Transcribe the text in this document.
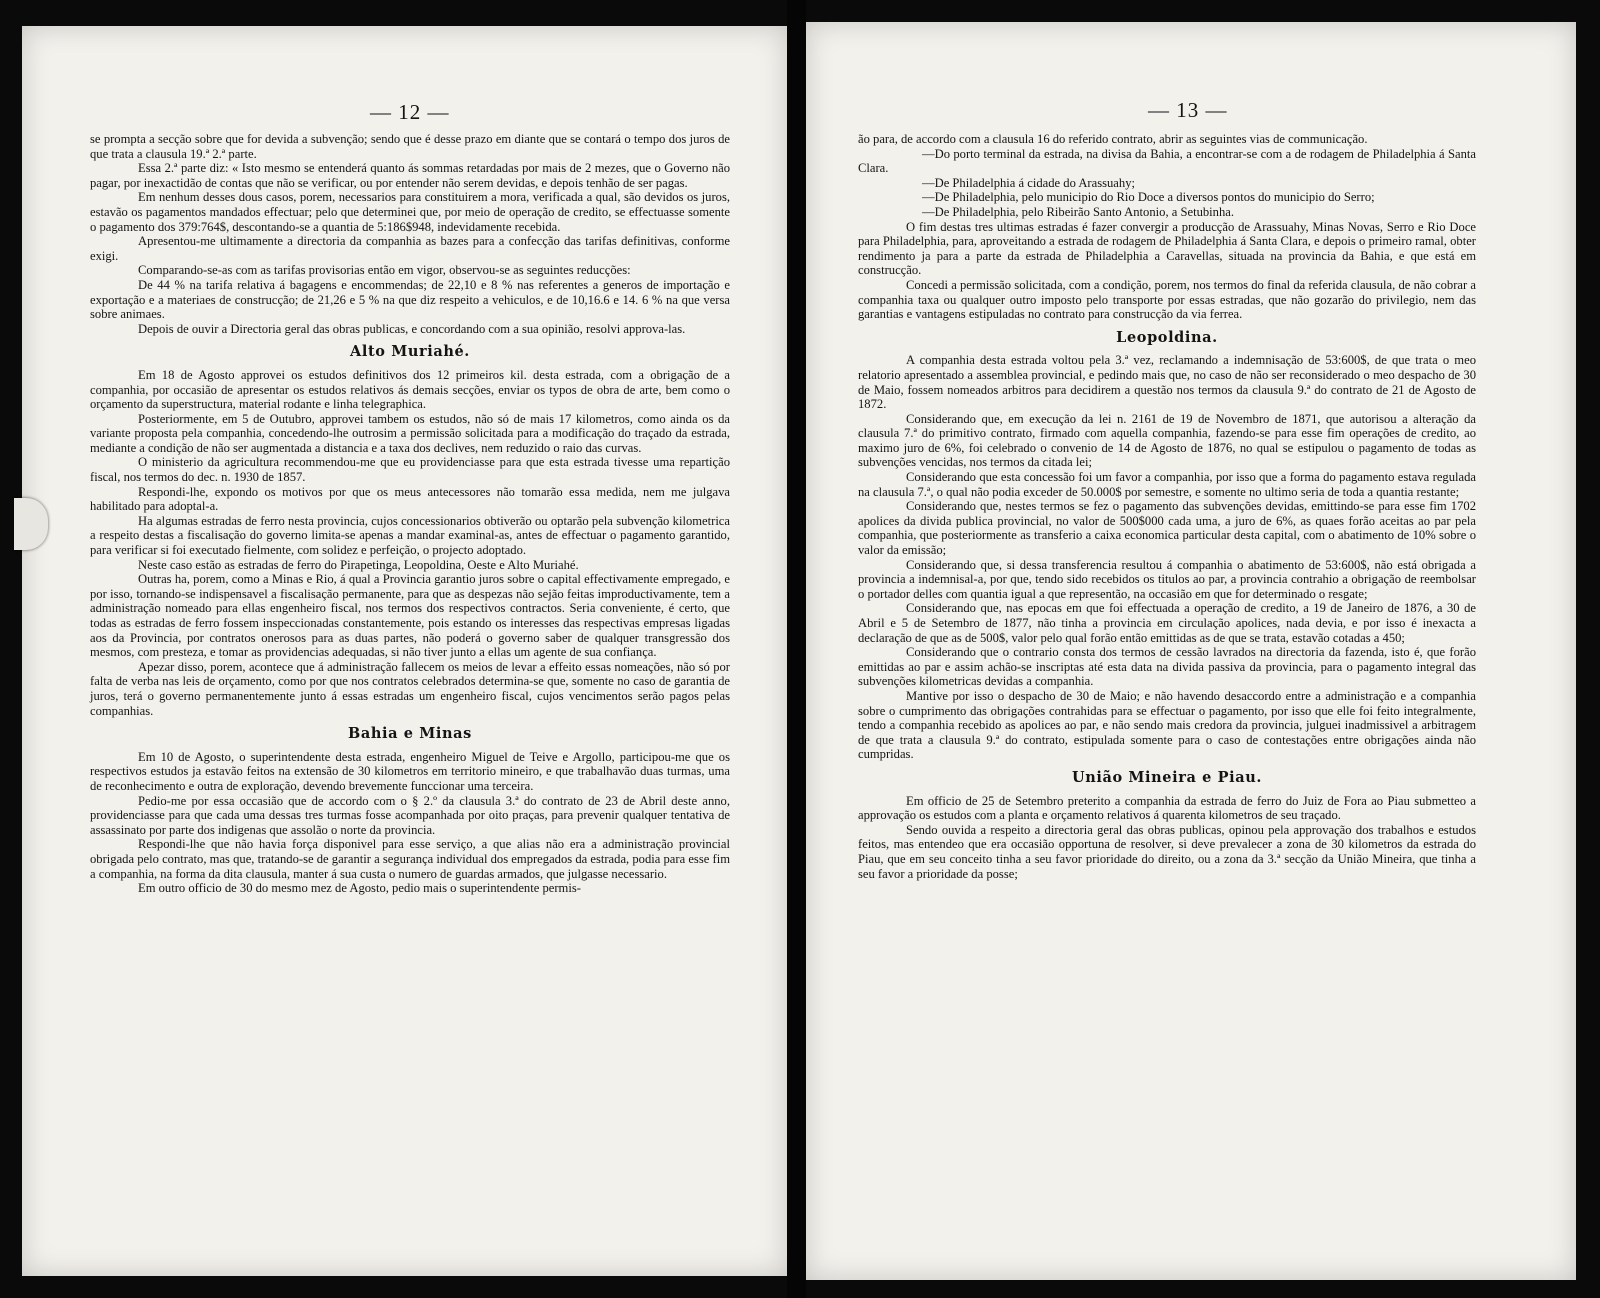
— 12 —

se prompta a secção sobre que for devida a subvenção; sendo que é desse prazo em diante que se contará o tempo dos juros de que trata a clausula 19.ª 2.ª parte.

Essa 2.ª parte diz: « Isto mesmo se entenderá quanto ás sommas retardadas por mais de 2 mezes, que o Governo não pagar, por inexactidão de contas que não se verificar, ou por entender não serem devidas, e depois tenhão de ser pagas.

Em nenhum desses dous casos, porem, necessarios para constituirem a mora, verificada a qual, são devidos os juros, estavão os pagamentos mandados effectuar; pelo que determinei que, por meio de operação de credito, se effectuasse somente o pagamento dos 379:764$, descontando-se a quantia de 5:186$948, indevidamente recebida.

Apresentou-me ultimamente a directoria da companhia as bazes para a confecção das tarifas definitivas, conforme exigi.

Comparando-se-as com as tarifas provisorias então em vigor, observou-se as seguintes reducções:

De 44 % na tarifa relativa á bagagens e encommendas; de 22,10 e 8 % nas referentes a generos de importação e exportação e a materiaes de construcção; de 21,26 e 5 % na que diz respeito a vehiculos, e de 10,16.6 e 14. 6 % na que versa sobre animaes.

Depois de ouvir a Directoria geral das obras publicas, e concordando com a sua opinião, resolvi approva-las.

Alto Muriahé.

Em 18 de Agosto approvei os estudos definitivos dos 12 primeiros kil. desta estrada, com a obrigação de a companhia, por occasião de apresentar os estudos relativos ás demais secções, enviar os typos de obra de arte, bem como o orçamento da superstructura, material rodante e linha telegraphica.

Posteriormente, em 5 de Outubro, approvei tambem os estudos, não só de mais 17 kilometros, como ainda os da variante proposta pela companhia, concedendo-lhe outrosim a permissão solicitada para a modificação do traçado da estrada, mediante a condição de não ser augmentada a distancia e a taxa dos declives, nem reduzido o raio das curvas.

O ministerio da agricultura recommendou-me que eu providenciasse para que esta estrada tivesse uma repartição fiscal, nos termos do dec. n. 1930 de 1857.

Respondi-lhe, expondo os motivos por que os meus antecessores não tomarão essa medida, nem me julgava habilitado para adoptal-a.

Ha algumas estradas de ferro nesta provincia, cujos concessionarios obtiverão ou optarão pela subvenção kilometrica a respeito destas a fiscalisação do governo limita-se apenas a mandar examinal-as, antes de effectuar o pagamento garantido, para verificar si foi executado fielmente, com solidez e perfeição, o projecto adoptado.

Neste caso estão as estradas de ferro do Pirapetinga, Leopoldina, Oeste e Alto Muriahé.

Outras ha, porem, como a Minas e Rio, á qual a Provincia garantio juros sobre o capital effectivamente empregado, e por isso, tornando-se indispensavel a fiscalisação permanente, para que as despezas não sejão feitas improductivamente, tem a administração nomeado para ellas engenheiro fiscal, nos termos dos respectivos contractos. Seria conveniente, é certo, que todas as estradas de ferro fossem inspeccionadas constantemente, pois estando os interesses das respectivas empresas ligadas aos da Provincia, por contratos onerosos para as duas partes, não poderá o governo saber de qualquer transgressão dos mesmos, com presteza, e tomar as providencias adequadas, si não tiver junto a ellas um agente de sua confiança.

Apezar disso, porem, acontece que á administração fallecem os meios de levar a effeito essas nomeações, não só por falta de verba nas leis de orçamento, como por que nos contratos celebrados determina-se que, somente no caso de garantia de juros, terá o governo permanentemente junto á essas estradas um engenheiro fiscal, cujos vencimentos serão pagos pelas companhias.

Bahia e Minas

Em 10 de Agosto, o superintendente desta estrada, engenheiro Miguel de Teive e Argollo, participou-me que os respectivos estudos ja estavão feitos na extensão de 30 kilometros em territorio mineiro, e que trabalhavão duas turmas, uma de reconhecimento e outra de exploração, devendo brevemente funccionar uma terceira.

Pedio-me por essa occasião que de accordo com o § 2.º da clausula 3.ª do contrato de 23 de Abril deste anno, providenciasse para que cada uma dessas tres turmas fosse acompanhada por oito praças, para prevenir qualquer tentativa de assassinato por parte dos indigenas que assolão o norte da provincia.

Respondi-lhe que não havia força disponivel para esse serviço, a que alias não era a administração provincial obrigada pelo contrato, mas que, tratando-se de garantir a segurança individual dos empregados da estrada, podia para esse fim a companhia, na forma da dita clausula, manter á sua custa o numero de guardas armados, que julgasse necessario.

Em outro officio de 30 do mesmo mez de Agosto, pedio mais o superintendente permis-

— 13 —

ão para, de accordo com a clausula 16 do referido contrato, abrir as seguintes vias de communicação.

—Do porto terminal da estrada, na divisa da Bahia, a encontrar-se com a de rodagem de Philadelphia á Santa Clara.

—De Philadelphia á cidade do Arassuahy;

—De Philadelphia, pelo municipio do Rio Doce a diversos pontos do municipio do Serro;

—De Philadelphia, pelo Ribeirão Santo Antonio, a Setubinha.

O fim destas tres ultimas estradas é fazer convergir a producção de Arassuahy, Minas Novas, Serro e Rio Doce para Philadelphia, para, aproveitando a estrada de rodagem de Philadelphia á Santa Clara, e depois o primeiro ramal, obter rendimento ja para a parte da estrada de Philadelphia a Caravellas, situada na provincia da Bahia, e que está em construcção.

Concedi a permissão solicitada, com a condição, porem, nos termos do final da referida clausula, de não cobrar a companhia taxa ou qualquer outro imposto pelo transporte por essas estradas, que não gozarão do privilegio, nem das garantias e vantagens estipuladas no contrato para construcção da via ferrea.

Leopoldina.

A companhia desta estrada voltou pela 3.ª vez, reclamando a indemnisação de 53:600$, de que trata o meo relatorio apresentado a assemblea provincial, e pedindo mais que, no caso de não ser reconsiderado o meo despacho de 30 de Maio, fossem nomeados arbitros para decidirem a questão nos termos da clausula 9.ª do contrato de 21 de Agosto de 1872.

Considerando que, em execução da lei n. 2161 de 19 de Novembro de 1871, que autorisou a alteração da clausula 7.ª do primitivo contrato, firmado com aquella companhia, fazendo-se para esse fim operações de credito, ao maximo juro de 6%, foi celebrado o convenio de 14 de Agosto de 1876, no qual se estipulou o pagamento de todas as subvenções vencidas, nos termos da citada lei;

Considerando que esta concessão foi um favor a companhia, por isso que a forma do pagamento estava regulada na clausula 7.ª, o qual não podia exceder de 50.000$ por semestre, e somente no ultimo seria de toda a quantia restante;

Considerando que, nestes termos se fez o pagamento das subvenções devidas, emittindo-se para esse fim 1702 apolices da divida publica provincial, no valor de 500$000 cada uma, a juro de 6%, as quaes forão aceitas ao par pela companhia, que posteriormente as transferio a caixa economica particular desta capital, com o abatimento de 10% sobre o valor da emissão;

Considerando que, si dessa transferencia resultou á companhia o abatimento de 53:600$, não está obrigada a provincia a indemnisal-a, por que, tendo sido recebidos os titulos ao par, a provincia contrahio a obrigação de reembolsar o portador delles com quantia igual a que representão, na occasião em que for determinado o resgate;

Considerando que, nas epocas em que foi effectuada a operação de credito, a 19 de Janeiro de 1876, a 30 de Abril e 5 de Setembro de 1877, não tinha a provincia em circulação apolices, nada devia, e por isso é inexacta a declaração de que as de 500$, valor pelo qual forão então emittidas as de que se trata, estavão cotadas a 450;

Considerando que o contrario consta dos termos de cessão lavrados na directoria da fazenda, isto é, que forão emittidas ao par e assim achão-se inscriptas até esta data na divida passiva da provincia, para o pagamento integral das subvenções kilometricas devidas a companhia.

Mantive por isso o despacho de 30 de Maio; e não havendo desaccordo entre a administração e a companhia sobre o cumprimento das obrigações contrahidas para se effectuar o pagamento, por isso que elle foi feito integralmente, tendo a companhia recebido as apolices ao par, e não sendo mais credora da provincia, julguei inadmissivel a arbitragem de que trata a clausula 9.ª do contrato, estipulada somente para o caso de contestações entre obrigações ainda não cumpridas.

União Mineira e Piau.

Em officio de 25 de Setembro preterito a companhia da estrada de ferro do Juiz de Fora ao Piau submetteo a approvação os estudos com a planta e orçamento relativos á quarenta kilometros de seu traçado.

Sendo ouvida a respeito a directoria geral das obras publicas, opinou pela approvação dos trabalhos e estudos feitos, mas entendeo que era occasião opportuna de resolver, si deve prevalecer a zona de 30 kilometros da estrada do Piau, que em seu conceito tinha a seu favor prioridade do direito, ou a zona da 3.ª secção da União Mineira, que tinha a seu favor a prioridade da posse;
